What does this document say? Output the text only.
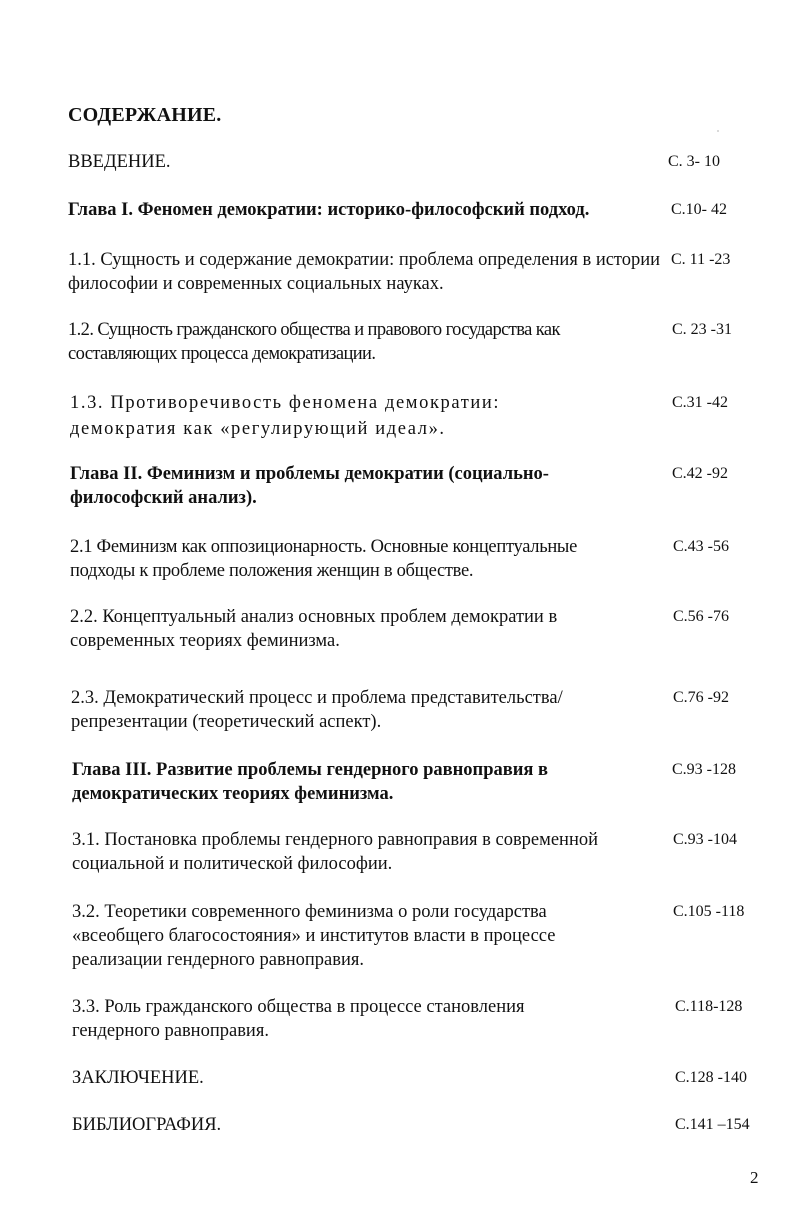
СОДЕРЖАНИЕ.
ВВЕДЕНИЕ.	С. 3- 10
Глава I. Феномен демократии: историко-философский подход.	С.10- 42
1.1. Сущность и содержание демократии: проблема определения в истории философии и современных социальных науках.
С. 11 -23
1.2. Сущность гражданского общества и правового государства как составляющих процесса демократизации.
С. 23 -31
1.3. Противоречивость феномена демократии: демократия как «регулирующий идеал».
С.31 -42
Глава II. Феминизм и проблемы демократии (социально-философский анализ).
С.42 -92
2.1 Феминизм как оппозиционарность. Основные концептуальные подходы к проблеме положения женщин в обществе.
С.43 -56
2.2. Концептуальный анализ основных проблем демократии в современных теориях феминизма.
С.56 -76
2.3. Демократический процесс и проблема представительства/репрезентации (теоретический аспект).
С.76 -92
Глава III. Развитие проблемы гендерного равноправия в демократических теориях феминизма.
С.93 -128
3.1. Постановка проблемы гендерного равноправия в современной социальной и политической философии.
С.93 -104
3.2. Теоретики современного феминизма о роли государства «всеобщего благосостояния» и институтов власти в процессе реализации гендерного равноправия.
С.105 -118
3.3. Роль гражданского общества в процессе становления гендерного равноправия.
С.118-128
ЗАКЛЮЧЕНИЕ.	С.128 -140
БИБЛИОГРАФИЯ.	С.141 –154
2
